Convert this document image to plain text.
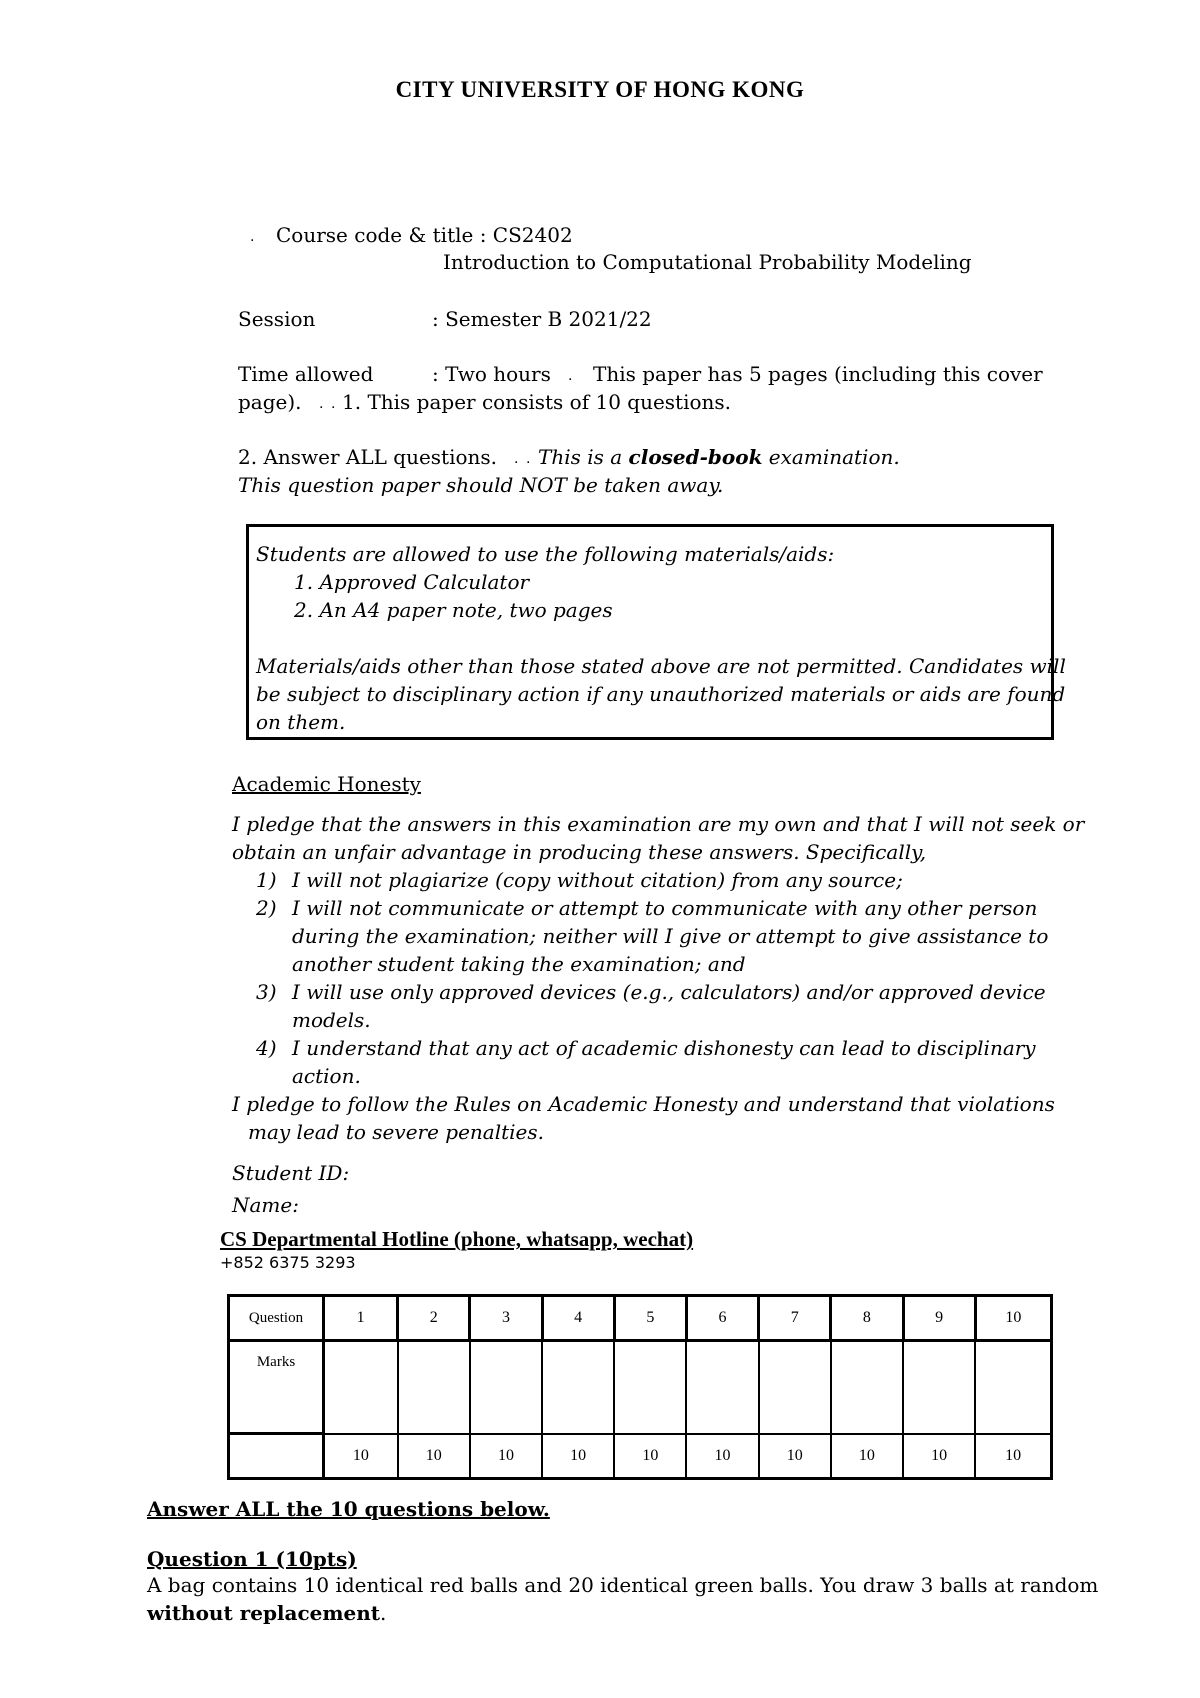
CITY UNIVERSITY OF HONG KONG
. Course code & title : CS2402
Introduction to Computational Probability Modeling
Session	: Semester B 2021/22
Time allowed	: Two hours . This paper has 5 pages (including this cover
page). . . 1. This paper consists of 10 questions.
2. Answer ALL questions. . . This is a closed-book examination.
This question paper should NOT be taken away.
Students are allowed to use the following materials/aids:
1. Approved Calculator
2. An A4 paper note, two pages
Materials/aids other than those stated above are not permitted. Candidates will
be subject to disciplinary action if any unauthorized materials or aids are found
on them.
Academic Honesty
I pledge that the answers in this examination are my own and that I will not seek or
obtain an unfair advantage in producing these answers. Specifically,
1) I will not plagiarize (copy without citation) from any source;
2) I will not communicate or attempt to communicate with any other person
during the examination; neither will I give or attempt to give assistance to
another student taking the examination; and
3) I will use only approved devices (e.g., calculators) and/or approved device
models.
4) I understand that any act of academic dishonesty can lead to disciplinary
action.
I pledge to follow the Rules on Academic Honesty and understand that violations
may lead to severe penalties.
Student ID:
Name:
CS Departmental Hotline (phone, whatsapp, wechat)
+852 6375 3293
Question	1	2	3	4	5	6	7	8	9	10
Marks										
	10	10	10	10	10	10	10	10	10	10
Answer ALL the 10 questions below.
Question 1 (10pts)
A bag contains 10 identical red balls and 20 identical green balls. You draw 3 balls at random
without replacement.
